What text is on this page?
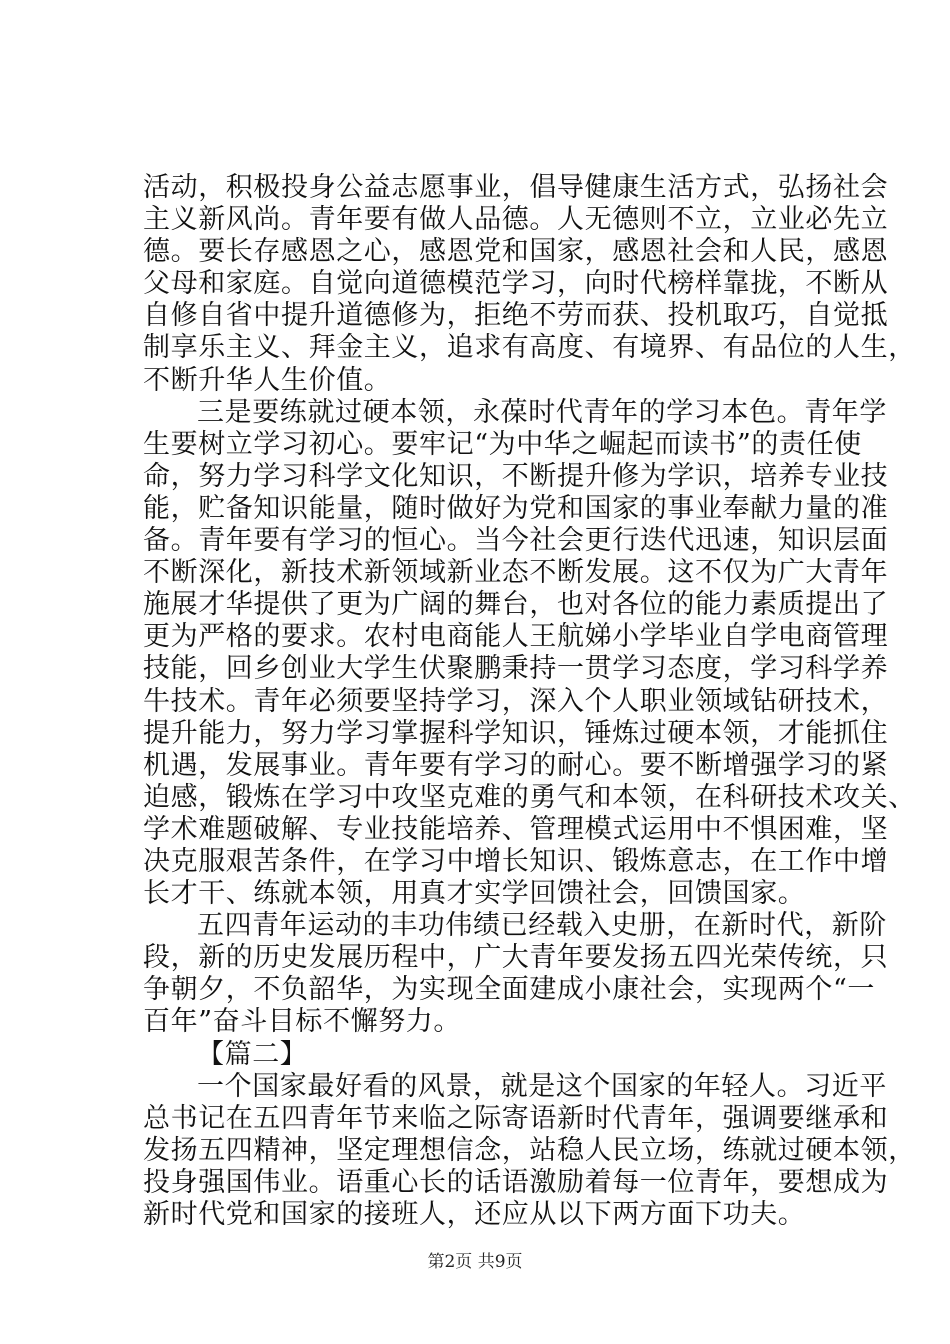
活动，积极投身公益志愿事业，倡导健康生活方式，弘扬社会
主义新风尚。青年要有做人品德。人无德则不立，立业必先立
德。要长存感恩之心，感恩党和国家，感恩社会和人民，感恩
父母和家庭。自觉向道德模范学习，向时代榜样靠拢，不断从
自修自省中提升道德修为，拒绝不劳而获、投机取巧，自觉抵
制享乐主义、拜金主义，追求有高度、有境界、有品位的人生，
不断升华人生价值。
三是要练就过硬本领，永葆时代青年的学习本色。青年学
生要树立学习初心。要牢记“为中华之崛起而读书”的责任使
命，努力学习科学文化知识，不断提升修为学识，培养专业技
能，贮备知识能量，随时做好为党和国家的事业奉献力量的准
备。青年要有学习的恒心。当今社会更行迭代迅速，知识层面
不断深化，新技术新领域新业态不断发展。这不仅为广大青年
施展才华提供了更为广阔的舞台，也对各位的能力素质提出了
更为严格的要求。农村电商能人王航娣小学毕业自学电商管理
技能，回乡创业大学生伏聚鹏秉持一贯学习态度，学习科学养
牛技术。青年必须要坚持学习，深入个人职业领域钻研技术，
提升能力，努力学习掌握科学知识，锤炼过硬本领，才能抓住
机遇，发展事业。青年要有学习的耐心。要不断增强学习的紧
迫感，锻炼在学习中攻坚克难的勇气和本领，在科研技术攻关、
学术难题破解、专业技能培养、管理模式运用中不惧困难，坚
决克服艰苦条件，在学习中增长知识、锻炼意志，在工作中增
长才干、练就本领，用真才实学回馈社会，回馈国家。
五四青年运动的丰功伟绩已经载入史册，在新时代，新阶
段，新的历史发展历程中，广大青年要发扬五四光荣传统，只
争朝夕，不负韶华，为实现全面建成小康社会，实现两个“一
百年”奋斗目标不懈努力。
【篇二】
一个国家最好看的风景，就是这个国家的年轻人。习近平
总书记在五四青年节来临之际寄语新时代青年，强调要继承和
发扬五四精神，坚定理想信念，站稳人民立场，练就过硬本领，
投身强国伟业。语重心长的话语激励着每一位青年，要想成为
新时代党和国家的接班人，还应从以下两方面下功夫。
第2页 共9页
